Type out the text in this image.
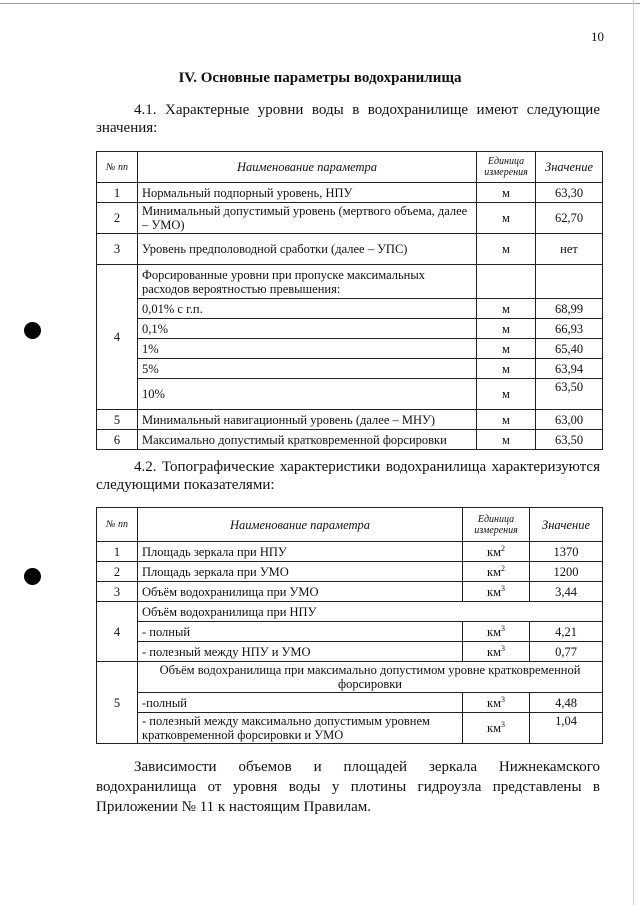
10
IV. Основные параметры водохранилища
4.1. Характерные уровни воды в водохранилище имеют следующие значения:
№ пп	Наименование параметра	Единица измерения	Значение
1	Нормальный подпорный уровень, НПУ	м	63,30
2	Минимальный допустимый уровень (мертвого объема, далее – УМО)	м	62,70
3	Уровень предполоводной сработки (далее – УПС)	м	нет
4	Форсированные уровни при пропуске максимальных расходов вероятностью превышения:		
	0,01% с г.п.	м	68,99
	0,1%	м	66,93
	1%	м	65,40
	5%	м	63,94
	10%	м	63,50
5	Минимальный навигационный уровень (далее – МНУ)	м	63,00
6	Максимально допустимый кратковременной форсировки	м	63,50
4.2. Топографические характеристики водохранилища характеризуются следующими показателями:
№ пп	Наименование параметра	Единица измерения	Значение
1	Площадь зеркала при НПУ	$км^2$	1370
2	Площадь зеркала при УМО	$км^2$	1200
3	Объём водохранилища при УМО	$км^3$	3,44
4	Объём водохранилища при НПУ		
	- полный	$км^3$	4,21
	- полезный между НПУ и УМО	$км^3$	0,77
5	Объём водохранилища при максимально допустимом уровне кратковременной форсировки		
	-полный	$км^3$	4,48
	- полезный между максимально допустимым уровнем кратковременной форсировки и УМО	$км^3$	1,04
Зависимости объемов и площадей зеркала Нижнекамского водохранилища от уровня воды у плотины гидроузла представлены в Приложении № 11 к настоящим Правилам.
